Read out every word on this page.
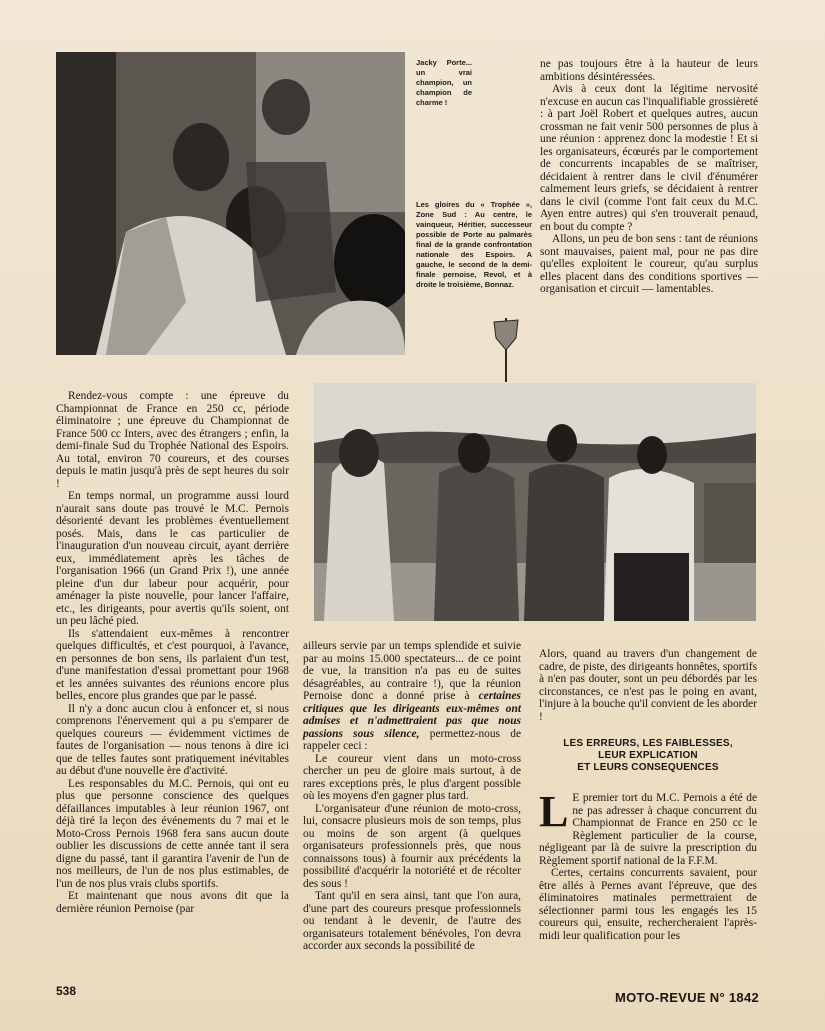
Jacky Porte... un vrai champion, un champion de charme !
Les gloires du « Trophée », Zone Sud : Au centre, le vainqueur, Héritier, successeur possible de Porte au palmarès final de la grande confrontation nationale des Espoirs. A gauche, le second de la demi-finale pernoise, Revol, et à droite le troisième, Bonnaz.

ne pas toujours être à la hauteur de leurs ambitions désintéressées.

Avis à ceux dont la légitime nervosité n'excuse en aucun cas l'inqualifiable grossièreté : à part Joël Robert et quelques autres, aucun crossman ne fait venir 500 personnes de plus à une réunion : apprenez donc la modestie ! Et si les organisateurs, écœurés par le comportement de concurrents incapables de se maîtriser, décidaient à rentrer dans le civil d'énumérer calmement leurs griefs, se décidaient à rentrer dans le civil (comme l'ont fait ceux du M.C. Ayen entre autres) qui s'en trouverait penaud, en bout du compte ?

Allons, un peu de bon sens : tant de réunions sont mauvaises, paient mal, pour ne pas dire qu'elles exploitent le coureur, qu'au surplus elles placent dans des conditions sportives — organisation et circuit — lamentables.

Rendez-vous compte : une épreuve du Championnat de France en 250 cc, période éliminatoire ; une épreuve du Championnat de France 500 cc Inters, avec des étrangers ; enfin, la demi-finale Sud du Trophée National des Espoirs. Au total, environ 70 coureurs, et des courses depuis le matin jusqu'à près de sept heures du soir !

En temps normal, un programme aussi lourd n'aurait sans doute pas trouvé le M.C. Pernois désorienté devant les problèmes éventuellement posés. Mais, dans le cas particulier de l'inauguration d'un nouveau circuit, ayant derrière eux, immédiatement après les tâches de l'organisation 1966 (un Grand Prix !), une année pleine d'un dur labeur pour acquérir, pour aménager la piste nouvelle, pour lancer l'affaire, etc., les dirigeants, pour avertis qu'ils soient, ont un peu lâché pied.

Ils s'attendaient eux-mêmes à rencontrer quelques difficultés, et c'est pourquoi, à l'avance, en personnes de bon sens, ils parlaient d'un test, d'une manifestation d'essai promettant pour 1968 et les années suivantes des réunions encore plus belles, encore plus grandes que par le passé.

Il n'y a donc aucun clou à enfoncer et, si nous comprenons l'énervement qui a pu s'emparer de quelques coureurs — évidemment victimes de fautes de l'organisation — nous tenons à dire ici que de telles fautes sont pratiquement inévitables au début d'une nouvelle ère d'activité.

Les responsables du M.C. Pernois, qui ont eu plus que personne conscience des quelques défaillances imputables à leur réunion 1967, ont déjà tiré la leçon des événements du 7 mai et le Moto-Cross Pernois 1968 fera sans aucun doute oublier les discussions de cette année tant il sera digne du passé, tant il garantira l'avenir de l'un de nos meilleurs, de l'un de nos plus estimables, de l'un de nos plus vrais clubs sportifs.

Et maintenant que nous avons dit que la dernière réunion Pernoise (par

ailleurs servie par un temps splendide et suivie par au moins 15.000 spectateurs... de ce point de vue, la transition n'a pas eu de suites désagréables, au contraire !), que la réunion Pernoise donc a donné prise à certaines critiques que les dirigeants eux-mêmes ont admises et n'admettraient pas que nous passions sous silence, permettez-nous de rappeler ceci :

Le coureur vient dans un moto-cross chercher un peu de gloire mais surtout, à de rares exceptions près, le plus d'argent possible où les moyens d'en gagner plus tard.

L'organisateur d'une réunion de moto-cross, lui, consacre plusieurs mois de son temps, plus ou moins de son argent (à quelques organisateurs professionnels près, que nous connaissons tous) à fournir aux précédents la possibilité d'acquérir la notoriété et de récolter des sous !

Tant qu'il en sera ainsi, tant que l'on aura, d'une part des coureurs presque professionnels ou tendant à le devenir, de l'autre des organisateurs totalement bénévoles, l'on devra accorder aux seconds la possibilité de

Alors, quand au travers d'un changement de cadre, de piste, des dirigeants honnêtes, sportifs à n'en pas douter, sont un peu débordés par les circonstances, ce n'est pas le poing en avant, l'injure à la bouche qu'il convient de les aborder !

LES ERREURS, LES FAIBLESSES,
LEUR EXPLICATION
ET LEURS CONSEQUENCES

L E premier tort du M.C. Pernois a été de ne pas adresser à chaque concurrent du Championnat de France en 250 cc le Règlement particulier de la course, négligeant par là de suivre la prescription du Règlement sportif national de la F.F.M.

Certes, certains concurrents savaient, pour être allés à Pernes avant l'épreuve, que des éliminatoires matinales permettraient de sélectionner parmi tous les engagés les 15 coureurs qui, ensuite, rechercheraient l'après-midi leur qualification pour les

538	MOTO-REVUE N° 1842
